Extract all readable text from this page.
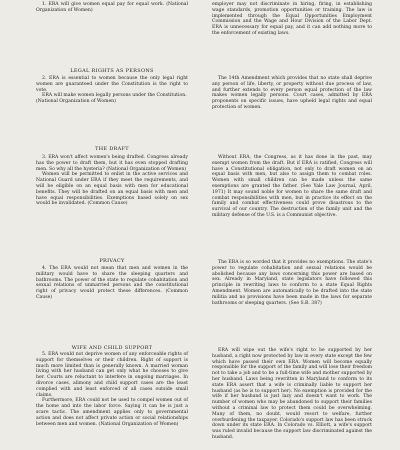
1. ERA will give women equal pay for equal work. (National Organization of Women)

employer may not discriminate in hiring, firing, in establishing wage standards, promotion opportunities or training. The law is implemented through the Equal Opportunities Employment Commission and the Wage and Hour Division of the Labor Dept. ERA is unnecessary for equal pay, and it can add nothing more to the enforcement of existing laws.

LEGAL RIGHTS AS PERSONS

2. ERA is essential to women because the only legal right women are guaranteed under the Constitution is the right to vote.

ERA will make women legally persons under the Constitution.

(National Organization of Women)

The 14th Amendment which provides that no state shall deprive any person of life, liberty, or property without due process of law, and further extends to every person equal protection of the law makes women legally persons. Court cases, admitted by ERA proponents on specific issues, have upheld legal rights and equal protection of women.

THE DRAFT

3. ERA won't affect women's being drafted. Congress already has the power to draft them, but it has even stopped drafting men. So why all the hysteria? (National Organization of Women)

Women will be permitted to enlist in the active services and National Guard under ERA if they meet the requirements, and will be eligible on an equal basis with men for educational benefits. They will be drafted on an equal basis with men and have equal responsibilities. Exemptions based solely on sex would be invalidated. (Common Cause)

Without ERA, the Congress, as it has done in the past, may exempt women from the draft. But if ERA is ratified, Congress will have a Constitutional obligation, not only to draft women on an equal basis with men, but also to assign them to combat roles. Women with small children can be made unless the same exemptions are granted the father. (See Yale Law Journal, April, 1971) It may sound noble for women to share the same draft and combat responsibilities with men, but in practice its effect on the family and combat effectiveness could prove disastrous to the survival of our country. The destruction of the family unit and the military defense of the U.S. is a Communist objective.

PRIVACY

4. The ERA would not mean that men and women in the military would have to share the sleeping quarters and bathrooms. The power of the state to regulate cohabitation and sexual relations of unmarried persons and the constitutional right of privacy would protect these differences. (Common Cause)

The ERA is so worded that it provides no exemptions. The state's power to regulate cohabitation and sexual relations would be abolished because any laws concerning this power are based on sex. Already in Maryland, state legislators have followed this principle in rewriting laws to conform to a state Equal Rights Amendment. Women are automatically to be drafted into the state militia and no provisions have been made in the laws for separate bathrooms or sleeping quarters. (See S.B. 387)

WIFE AND CHILD SUPPORT

5. ERA would not deprive women of any enforceable rights of support for themselves or their children. Right of support is much more limited than is generally known. A married woman living with her husband can get only what he chooses to give her. Courts are reluctant to interfere in ongoing marriages. In divorce cases, alimony and child support cases are the least complied with and least enforced of all cases outside small claims.

Furthermore, ERA could not be used to compel women out of the home and into the labor force. Saying it can be is just a scare tactic. The amendment applies only to governmental action and does not affect private action or social relationships between men and women. (National Organization of Women)

ERA will wipe out the wife's right to be supported by her husband, a right now protected by law in every state except the few which have passed their own ERA. Women will become equally responsible for the support of the family and will lose their freedom not to take a job and to be a full-time wife and mother supported by her husband. Laws being rewritten in Maryland to conform to its state ERA assert that a wife is criminally liable to support her husband (as he is to support her). No exemption is provided for the wife if her husband is just lazy and doesn't want to work. The number of women who may be abandoned to support their families without a criminal law to protect them could be overwhelming. Many of them, no doubt, would resort to welfare, further overburdening the taxpayer. Colorado's support law has been struck down under its state ERA. In Colorado vs. Elliott, a wife's support was ruled invalid because the support law discriminated against the husband.
